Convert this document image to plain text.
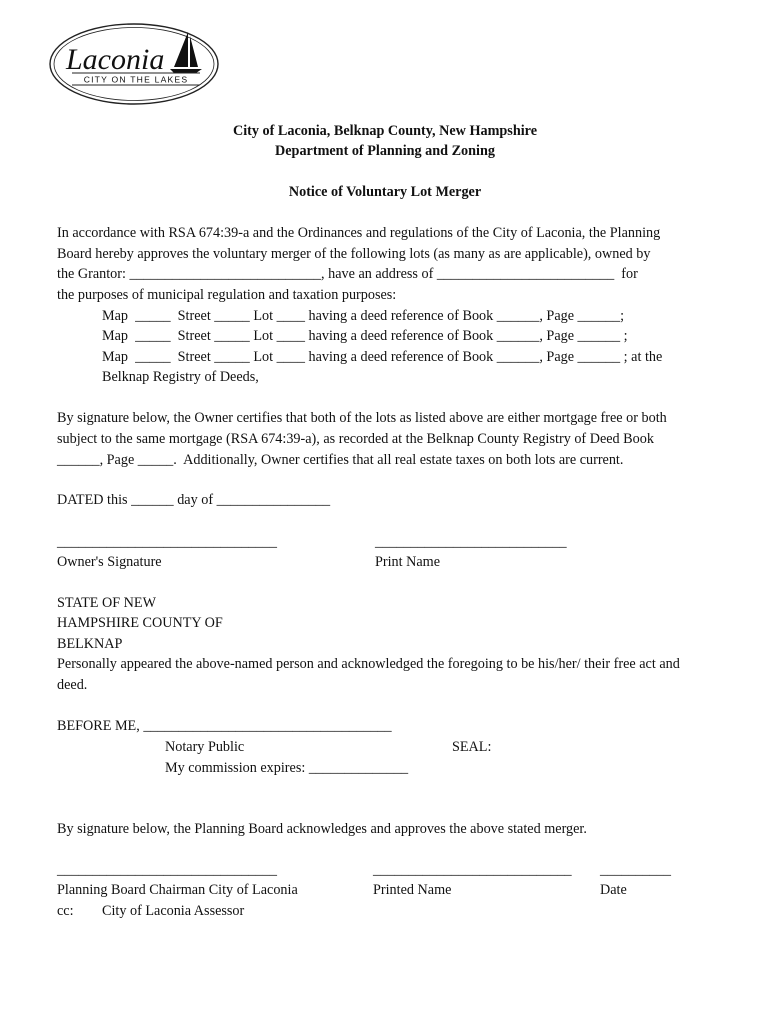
Laconia
CITY ON THE LAKES
City of Laconia, Belknap County, New Hampshire
Department of Planning and Zoning
Notice of Voluntary Lot Merger
In accordance with RSA 674:39-a and the Ordinances and regulations of the City of Laconia, the Planning
Board hereby approves the voluntary merger of the following lots (as many as are applicable), owned by
the Grantor: ___________________________, have an address of _________________________  for
the purposes of municipal regulation and taxation purposes:
Map  _____  Street _____ Lot ____ having a deed reference of Book ______, Page ______;
Map  _____  Street _____ Lot ____ having a deed reference of Book ______, Page ______ ;
Map  _____  Street _____ Lot ____ having a deed reference of Book ______, Page ______ ; at the
Belknap Registry of Deeds,
By signature below, the Owner certifies that both of the lots as listed above are either mortgage free or both
subject to the same mortgage (RSA 674:39-a), as recorded at the Belknap County Registry of Deed Book
______, Page _____.  Additionally, Owner certifies that all real estate taxes on both lots are current.
DATED this ______ day of ________________
_______________________________	___________________________
Owner's Signature	Print Name
STATE OF NEW
HAMPSHIRE COUNTY OF
BELKNAP
Personally appeared the above-named person and acknowledged the foregoing to be his/her/ their free act and
deed.
BEFORE ME, ___________________________________
Notary Public	SEAL:
My commission expires: ______________
By signature below, the Planning Board acknowledges and approves the above stated merger.
_______________________________	____________________________ __________
Planning Board Chairman City of Laconia	Printed Name	Date
cc: City of Laconia Assessor
